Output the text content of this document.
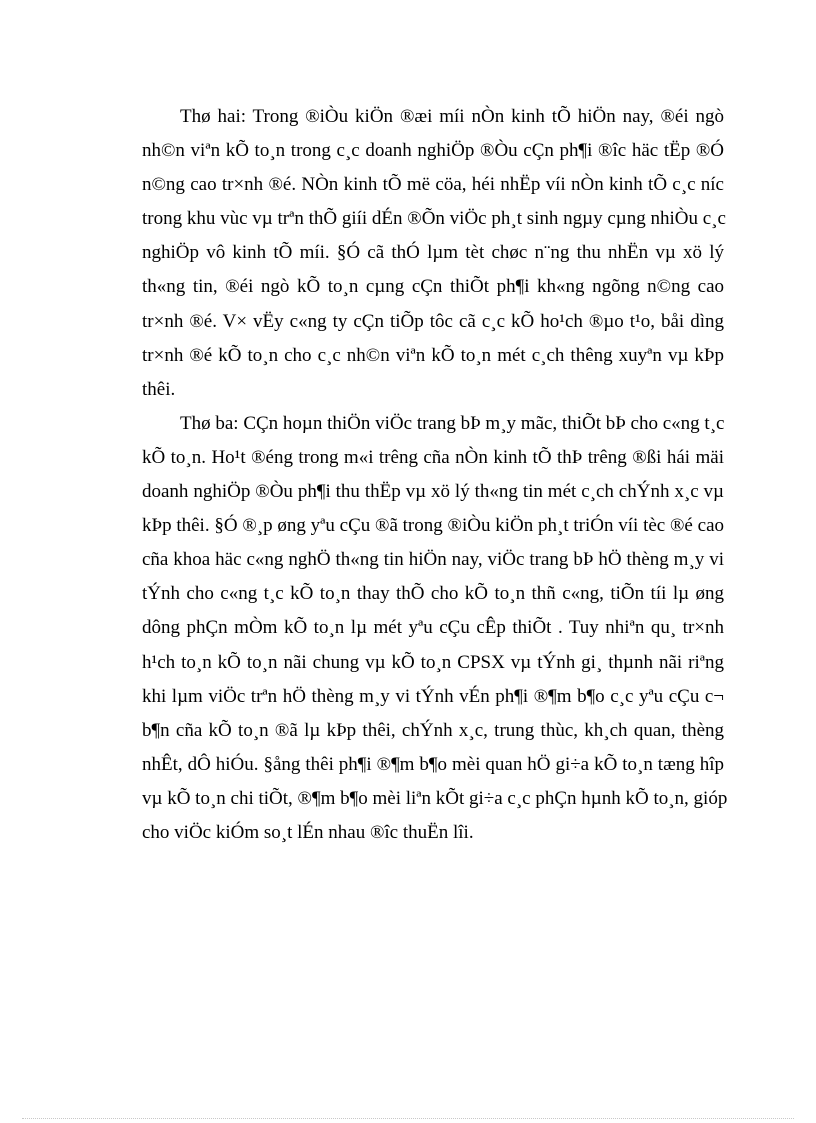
Thø hai: Trong ®iÒu kiÖn ®æi míi nÒn kinh tÕ hiÖn nay, ®éi ngò
nh©n viªn kÕ to¸n trong c¸c doanh nghiÖp ®Òu cÇn ph¶i ®îc häc tËp ®Ó
n©ng cao tr×nh ®é. NÒn kinh tÕ më cöa, héi nhËp víi nÒn kinh tÕ c¸c níc
trong khu vùc vµ trªn thÕ giíi dÉn ®Õn viÖc ph¸t sinh ngµy cµng nhiÒu c¸c
nghiÖp vô kinh tÕ míi. §Ó cã thÓ lµm tèt chøc n¨ng thu nhËn vµ xö lý
th«ng tin, ®éi ngò kÕ to¸n cµng cÇn thiÕt ph¶i kh«ng ngõng n©ng cao
tr×nh ®é. V× vËy c«ng ty cÇn tiÕp tôc cã c¸c kÕ ho¹ch ®µo t¹o, båi dìng
tr×nh ®é kÕ to¸n cho c¸c nh©n viªn kÕ to¸n mét c¸ch thêng xuyªn vµ kÞp
thêi.
Thø ba: CÇn hoµn thiÖn viÖc trang bÞ m¸y mãc, thiÕt bÞ cho c«ng t¸c
kÕ to¸n. Ho¹t ®éng trong m«i trêng cña nÒn kinh tÕ thÞ trêng ®ßi hái mäi
doanh nghiÖp ®Òu ph¶i thu thËp vµ xö lý th«ng tin mét c¸ch chÝnh x¸c vµ
kÞp thêi. §Ó ®¸p øng yªu cÇu ®ã trong ®iÒu kiÖn ph¸t triÓn víi tèc ®é cao
cña khoa häc c«ng nghÖ th«ng tin hiÖn nay, viÖc trang bÞ hÖ thèng m¸y vi
tÝnh cho c«ng t¸c kÕ to¸n thay thÕ cho kÕ to¸n thñ c«ng, tiÕn tíi lµ øng
dông phÇn mÒm kÕ to¸n lµ mét yªu cÇu cÊp thiÕt . Tuy nhiªn qu¸ tr×nh
h¹ch to¸n kÕ to¸n nãi chung vµ kÕ to¸n CPSX vµ tÝnh gi¸ thµnh nãi riªng
khi lµm viÖc trªn hÖ thèng m¸y vi tÝnh vÉn ph¶i ®¶m b¶o c¸c yªu cÇu c¬
b¶n cña kÕ to¸n ®ã lµ kÞp thêi, chÝnh x¸c, trung thùc, kh¸ch quan, thèng
nhÊt, dÔ hiÓu. §ång thêi ph¶i ®¶m b¶o mèi quan hÖ gi÷a kÕ to¸n tæng hîp
vµ kÕ to¸n chi tiÕt, ®¶m b¶o mèi liªn kÕt gi÷a c¸c phÇn hµnh kÕ to¸n, gióp
cho viÖc kiÓm so¸t lÉn nhau ®îc thuËn lîi.
